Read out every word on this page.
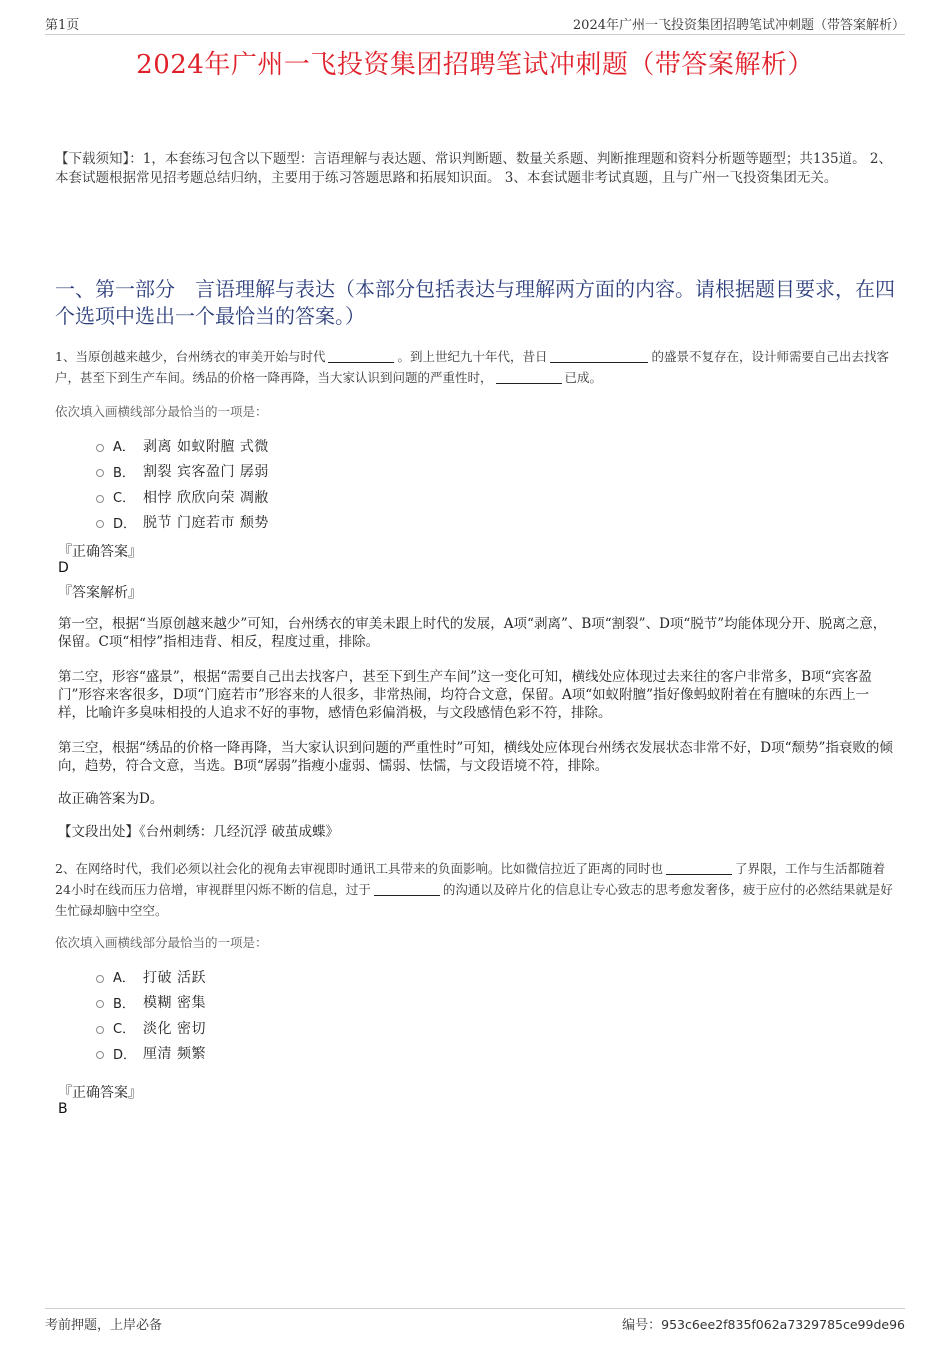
第1页	2024年广州一飞投资集团招聘笔试冲刺题（带答案解析）
2024年广州一飞投资集团招聘笔试冲刺题（带答案解析）
【下载须知】：1，本套练习包含以下题型：言语理解与表达题、常识判断题、数量关系题、判断推理题和资料分析题等题型；共135道。 2、本套试题根据常见招考题总结归纳，主要用于练习答题思路和拓展知识面。 3、本套试题非考试真题，且与广州一飞投资集团无关。
一、第一部分　言语理解与表达（本部分包括表达与理解两方面的内容。请根据题目要求，在四个选项中选出一个最恰当的答案。）
1、当原创越来越少，台州绣衣的审美开始与时代	。到上世纪九十年代，昔日	的盛景不复存在，设计师需要自己出去找客户，甚至下到生产车间。绣品的价格一降再降，当大家认识到问题的严重性时，	已成。
依次填入画横线部分最恰当的一项是：
A． 剥离 如蚁附膻 式微
B． 割裂 宾客盈门 孱弱
C． 相悖 欣欣向荣 凋敝
D． 脱节 门庭若市 颓势
『正确答案』
D
『答案解析』
第一空，根据“当原创越来越少”可知，台州绣衣的审美未跟上时代的发展，A项“剥离”、B项“割裂”、D项“脱节”均能体现分开、脱离之意，保留。C项“相悖”指相违背、相反，程度过重，排除。
第二空，形容“盛景”，根据“需要自己出去找客户，甚至下到生产车间”这一变化可知，横线处应体现过去来往的客户非常多，B项“宾客盈门”形容来客很多，D项“门庭若市”形容来的人很多，非常热闹，均符合文意，保留。A项“如蚁附膻”指好像蚂蚁附着在有膻味的东西上一样，比喻许多臭味相投的人追求不好的事物，感情色彩偏消极，与文段感情色彩不符，排除。
第三空，根据“绣品的价格一降再降，当大家认识到问题的严重性时”可知，横线处应体现台州绣衣发展状态非常不好，D项“颓势”指衰败的倾向，趋势，符合文意，当选。B项“孱弱”指瘦小虚弱、懦弱、怯懦，与文段语境不符，排除。
故正确答案为D。
【文段出处】《台州刺绣：几经沉浮 破茧成蝶》
2、在网络时代，我们必须以社会化的视角去审视即时通讯工具带来的负面影响。比如微信拉近了距离的同时也	了界限，工作与生活都随着24小时在线而压力倍增，审视群里闪烁不断的信息，过于	的沟通以及碎片化的信息让专心致志的思考愈发奢侈，疲于应付的必然结果就是好生忙碌却脑中空空。
依次填入画横线部分最恰当的一项是：
A． 打破 活跃
B． 模糊 密集
C． 淡化 密切
D． 厘清 频繁
『正确答案』
B
考前押题，上岸必备	编号：953c6ee2f835f062a7329785ce99de96
